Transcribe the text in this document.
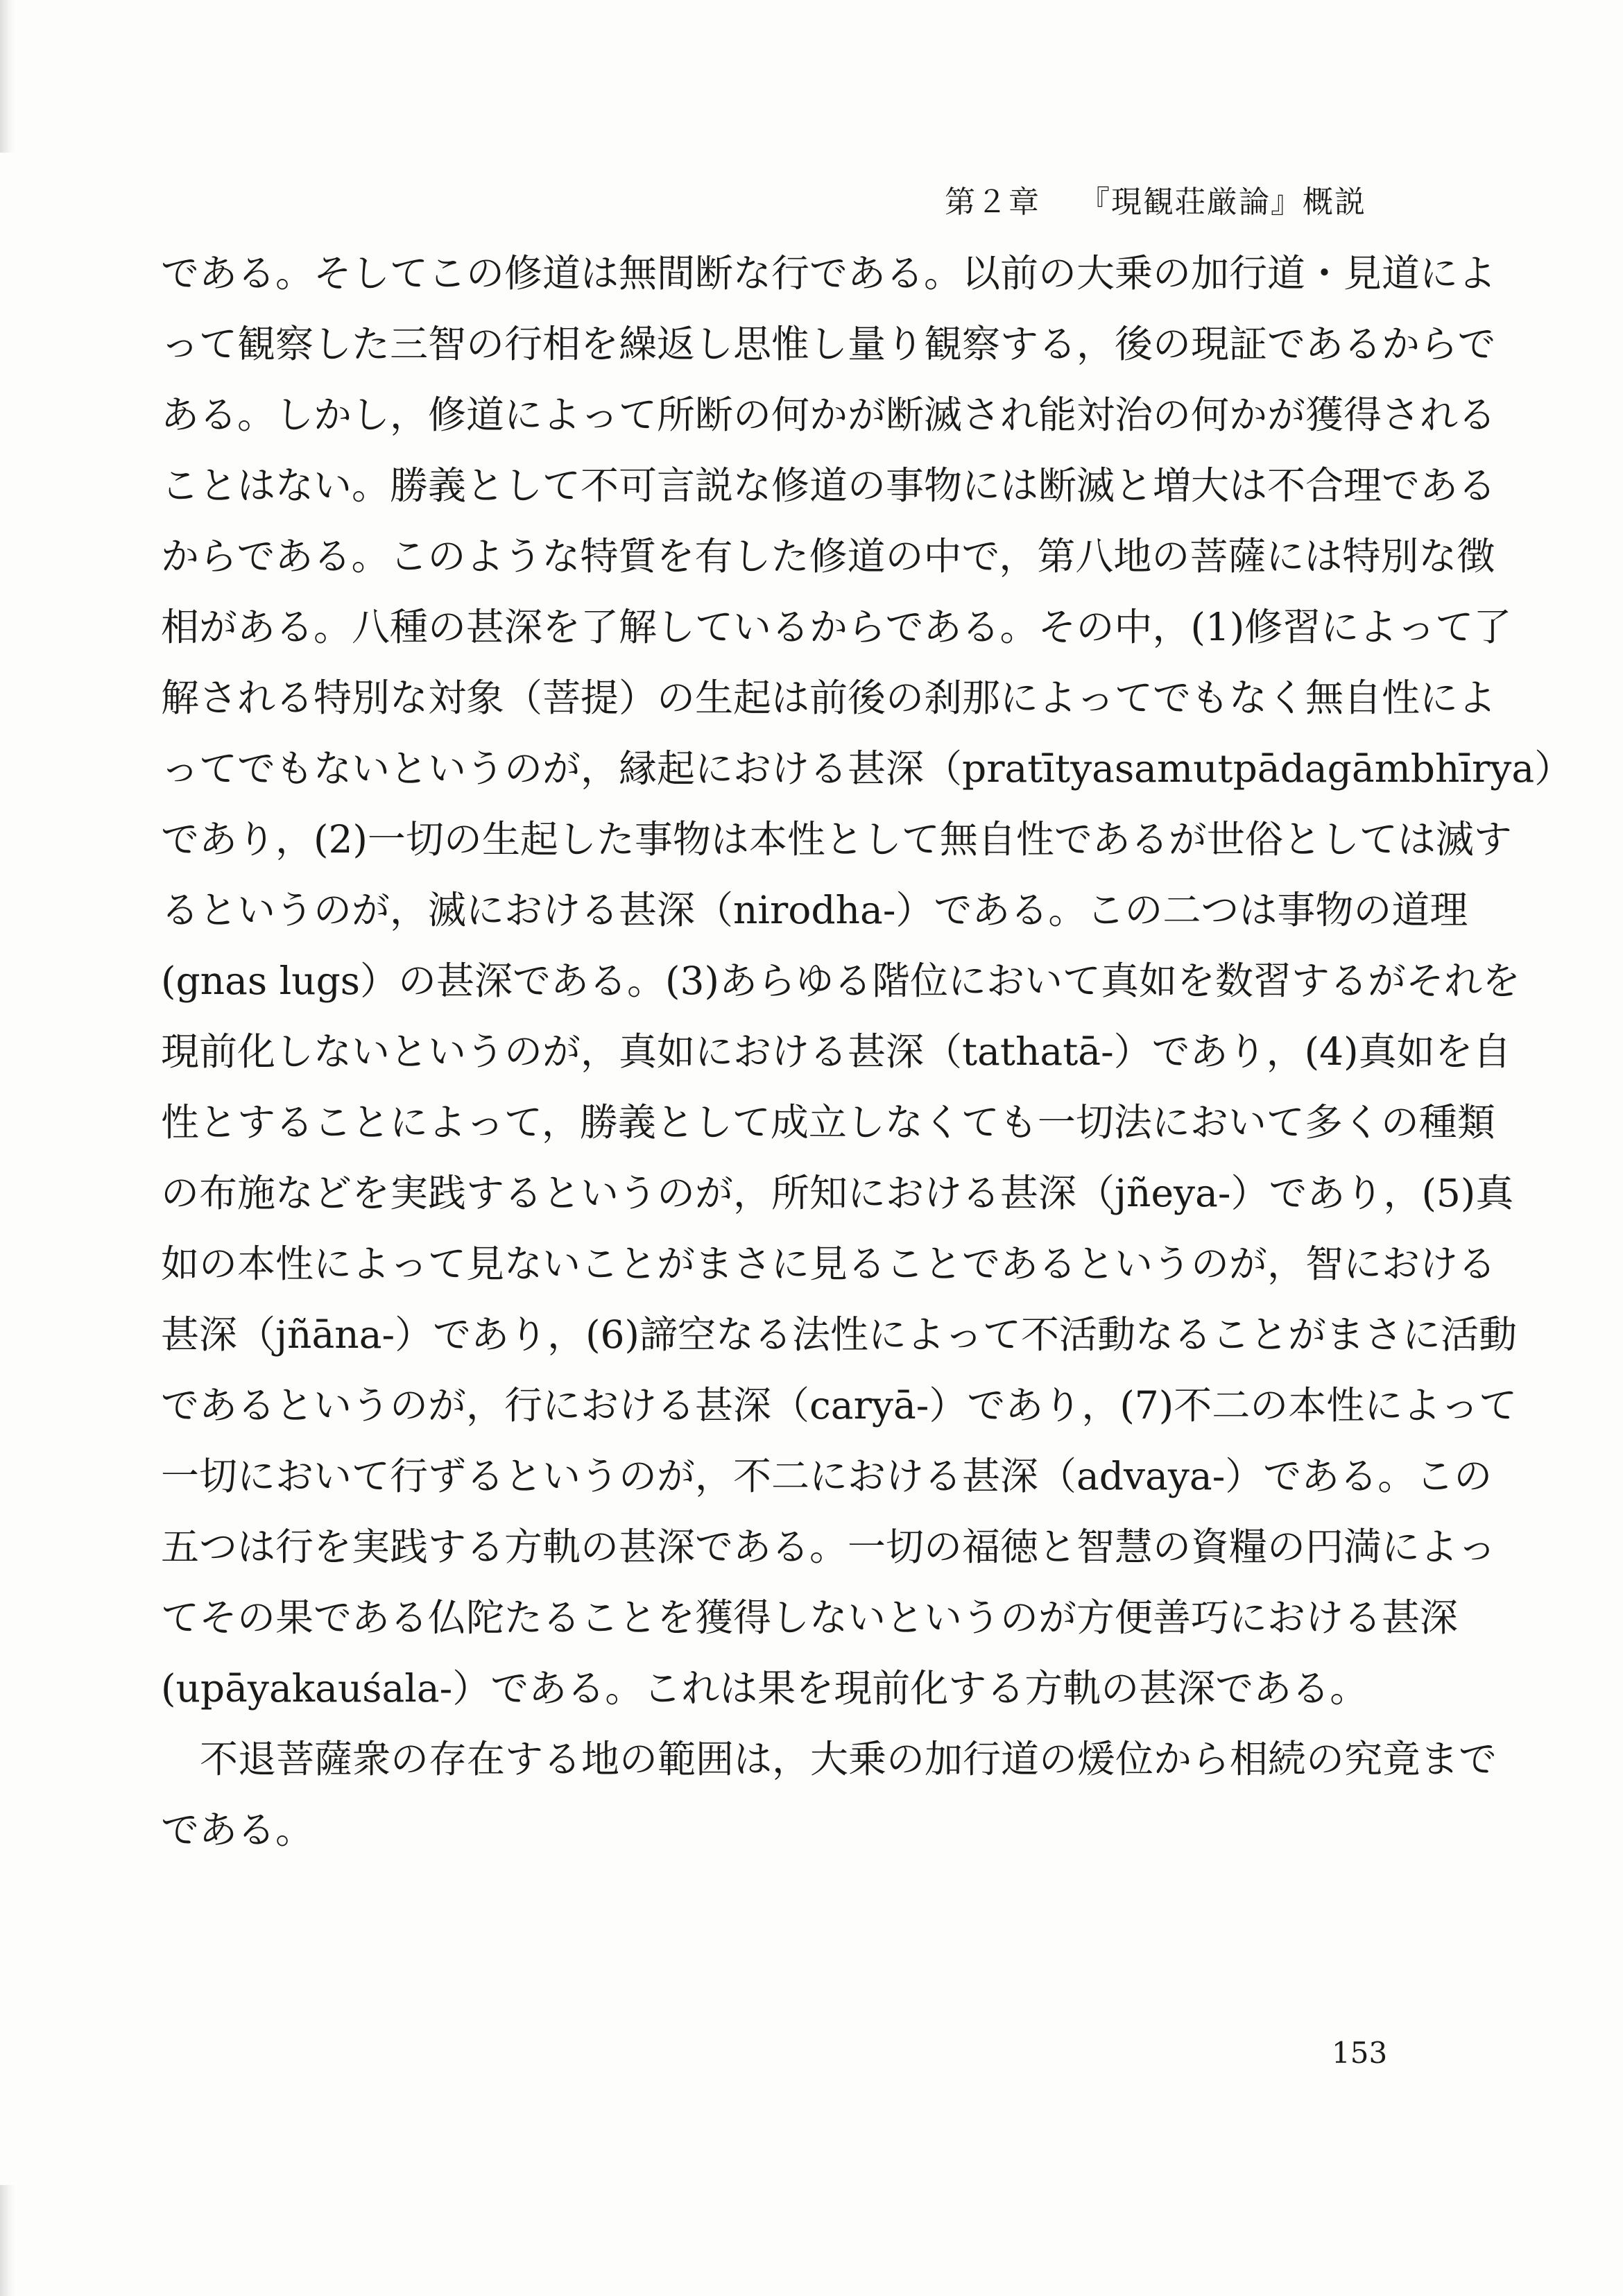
第２章 『現観荘厳論』概説
である。そしてこの修道は無間断な行である。以前の大乗の加行道・見道によ
って観察した三智の行相を繰返し思惟し量り観察する，後の現証であるからで
ある。しかし，修道によって所断の何かが断滅され能対治の何かが獲得される
ことはない。勝義として不可言説な修道の事物には断滅と増大は不合理である
からである。このような特質を有した修道の中で，第八地の菩薩には特別な徴
相がある。八種の甚深を了解しているからである。その中，(1)修習によって了
解される特別な対象（菩提）の生起は前後の刹那によってでもなく無自性によ
ってでもないというのが，縁起における甚深（pratītyasamutpādagāmbhīrya）
であり，(2)一切の生起した事物は本性として無自性であるが世俗としては滅す
るというのが，滅における甚深（nirodha-）である。この二つは事物の道理
(gnas lugs）の甚深である。(3)あらゆる階位において真如を数習するがそれを
現前化しないというのが，真如における甚深（tathatā-）であり，(4)真如を自
性とすることによって，勝義として成立しなくても一切法において多くの種類
の布施などを実践するというのが，所知における甚深（jñeya-）であり，(5)真
如の本性によって見ないことがまさに見ることであるというのが，智における
甚深（jñāna-）であり，(6)諦空なる法性によって不活動なることがまさに活動
であるというのが，行における甚深（caryā-）であり，(7)不二の本性によって
一切において行ずるというのが，不二における甚深（advaya-）である。この
五つは行を実践する方軌の甚深である。一切の福徳と智慧の資糧の円満によっ
てその果である仏陀たることを獲得しないというのが方便善巧における甚深
(upāyakauśala-）である。これは果を現前化する方軌の甚深である。
不退菩薩衆の存在する地の範囲は，大乗の加行道の煖位から相続の究竟まで
である。
153
